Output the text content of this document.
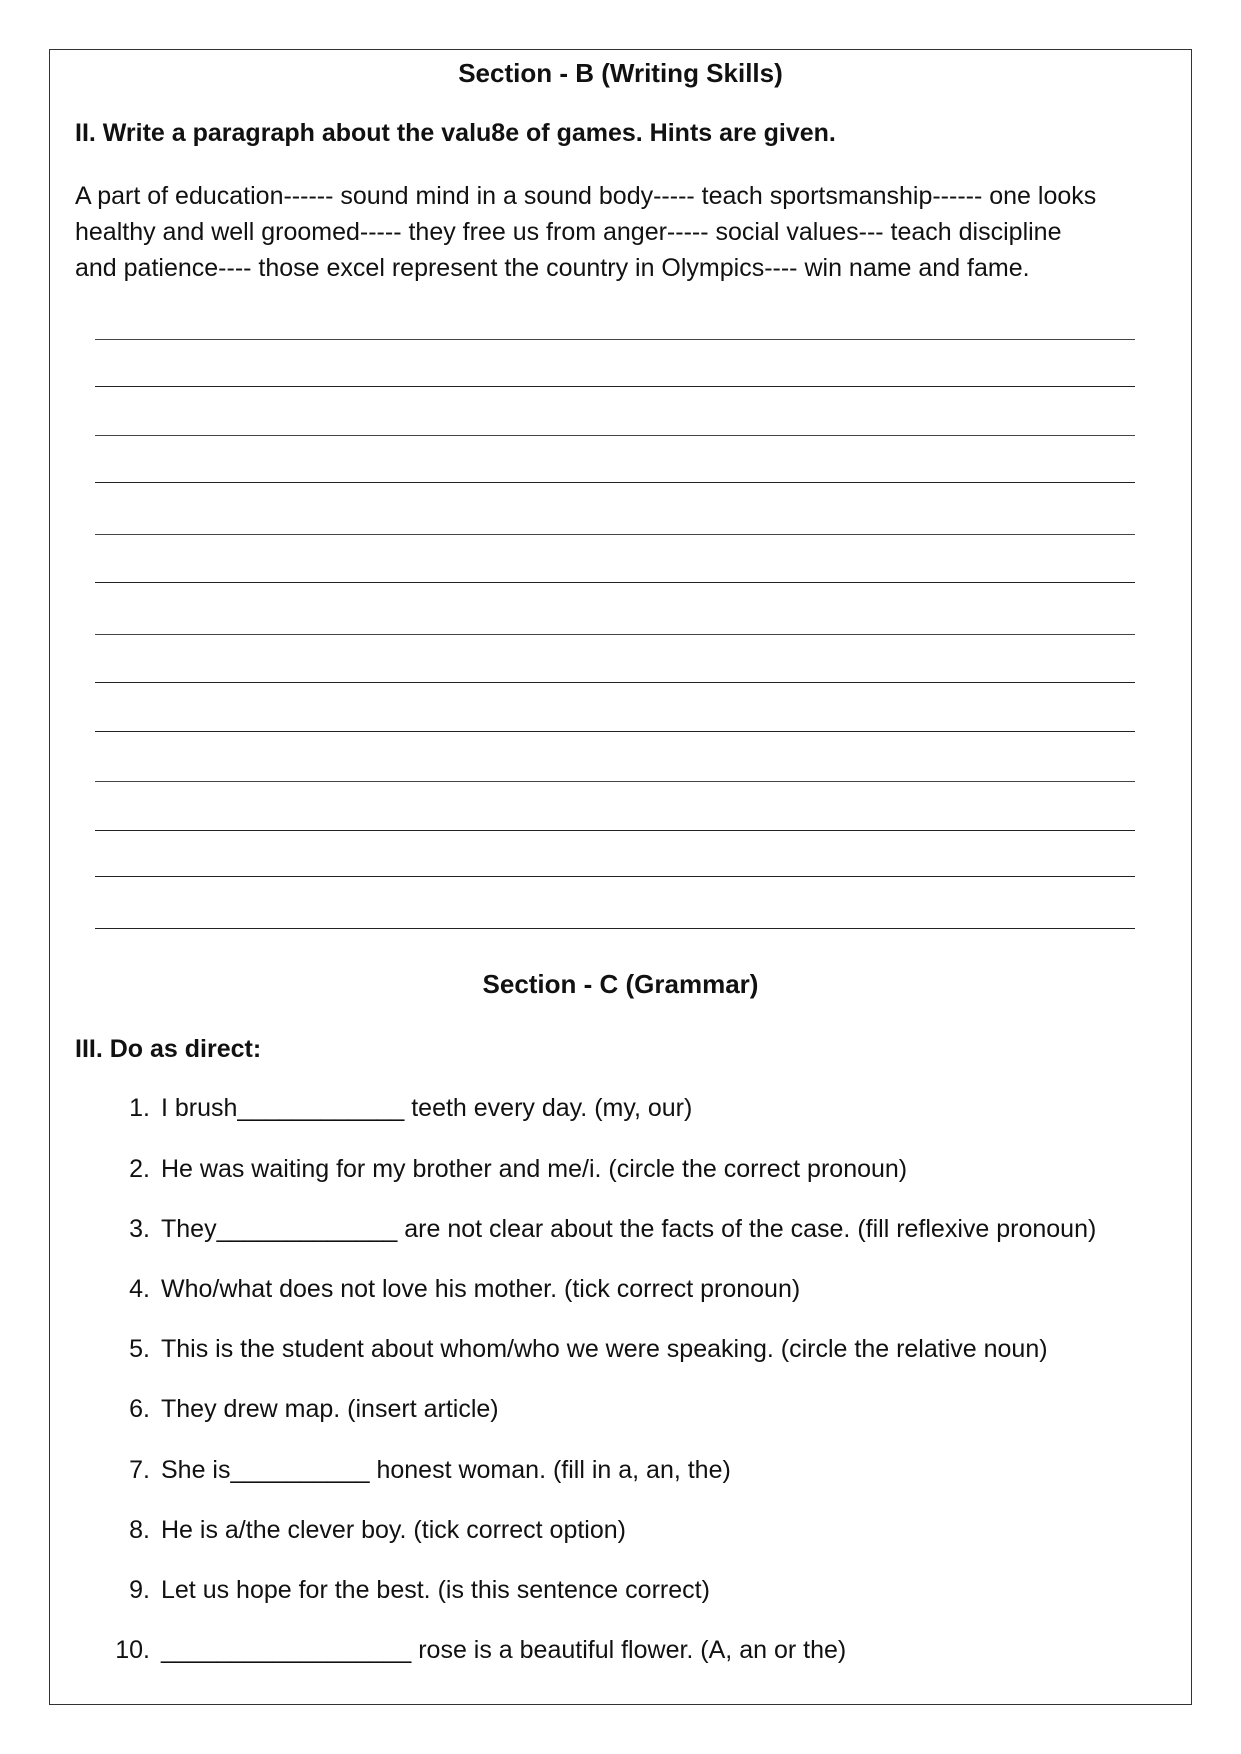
Section - B (Writing Skills)

II. Write a paragraph about the valu8e of games. Hints are given.

A part of education------ sound mind in a sound body----- teach sportsmanship------ one looks
healthy and well groomed----- they free us from anger----- social values--- teach discipline
and patience---- those excel represent the country in Olympics---- win name and fame.
Section - C (Grammar)

III. Do as direct:

1. I brush____________ teeth every day. (my, our)
2. He was waiting for my brother and me/i. (circle the correct pronoun)
3. They_____________ are not clear about the facts of the case. (fill reflexive pronoun)
4. Who/what does not love his mother. (tick correct pronoun)
5. This is the student about whom/who we were speaking. (circle the relative noun)
6. They drew map. (insert article)
7. She is__________ honest woman. (fill in a, an, the)
8. He is a/the clever boy. (tick correct option)
9. Let us hope for the best. (is this sentence correct)
10. __________________ rose is a beautiful flower. (A, an or the)
